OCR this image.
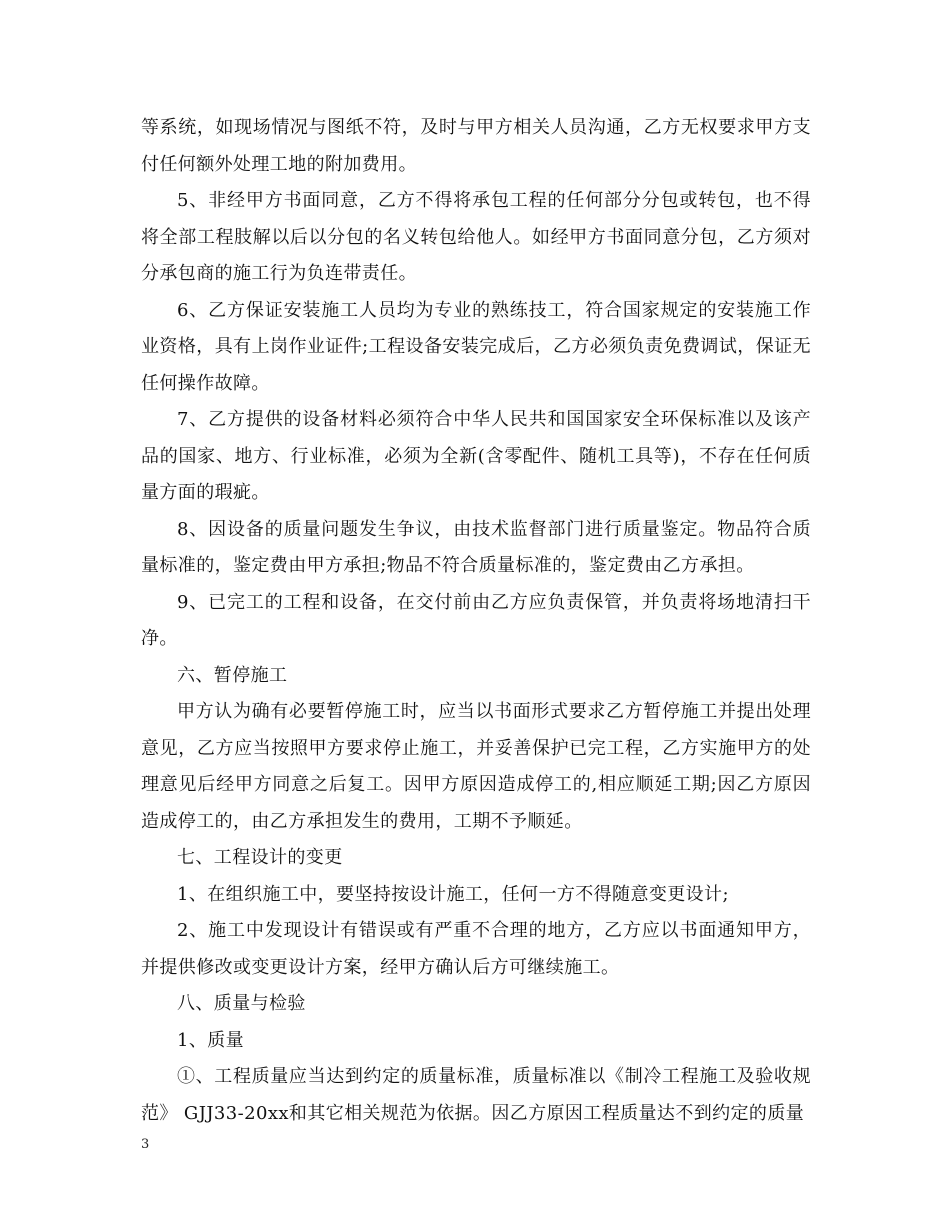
等系统，如现场情况与图纸不符，及时与甲方相关人员沟通，乙方无权要求甲方支付任何额外处理工地的附加费用。

5、非经甲方书面同意，乙方不得将承包工程的任何部分分包或转包，也不得将全部工程肢解以后以分包的名义转包给他人。如经甲方书面同意分包，乙方须对分承包商的施工行为负连带责任。

6、乙方保证安装施工人员均为专业的熟练技工，符合国家规定的安装施工作业资格，具有上岗作业证件;工程设备安装完成后，乙方必须负责免费调试，保证无任何操作故障。

7、乙方提供的设备材料必须符合中华人民共和国国家安全环保标准以及该产品的国家、地方、行业标准，必须为全新(含零配件、随机工具等)，不存在任何质量方面的瑕疵。

8、因设备的质量问题发生争议，由技术监督部门进行质量鉴定。物品符合质量标准的，鉴定费由甲方承担;物品不符合质量标准的，鉴定费由乙方承担。

9、已完工的工程和设备，在交付前由乙方应负责保管，并负责将场地清扫干净。

六、暂停施工

甲方认为确有必要暂停施工时，应当以书面形式要求乙方暂停施工并提出处理意见，乙方应当按照甲方要求停止施工，并妥善保护已完工程，乙方实施甲方的处理意见后经甲方同意之后复工。因甲方原因造成停工的,相应顺延工期;因乙方原因造成停工的，由乙方承担发生的费用，工期不予顺延。

七、工程设计的变更

1、在组织施工中，要坚持按设计施工，任何一方不得随意变更设计;

2、施工中发现设计有错误或有严重不合理的地方，乙方应以书面通知甲方，并提供修改或变更设计方案，经甲方确认后方可继续施工。

八、质量与检验

1、质量

①、工程质量应当达到约定的质量标准，质量标准以《制冷工程施工及验收规范》 GJJ33-20xx和其它相关规范为依据。因乙方原因工程质量达不到约定的质量

3
